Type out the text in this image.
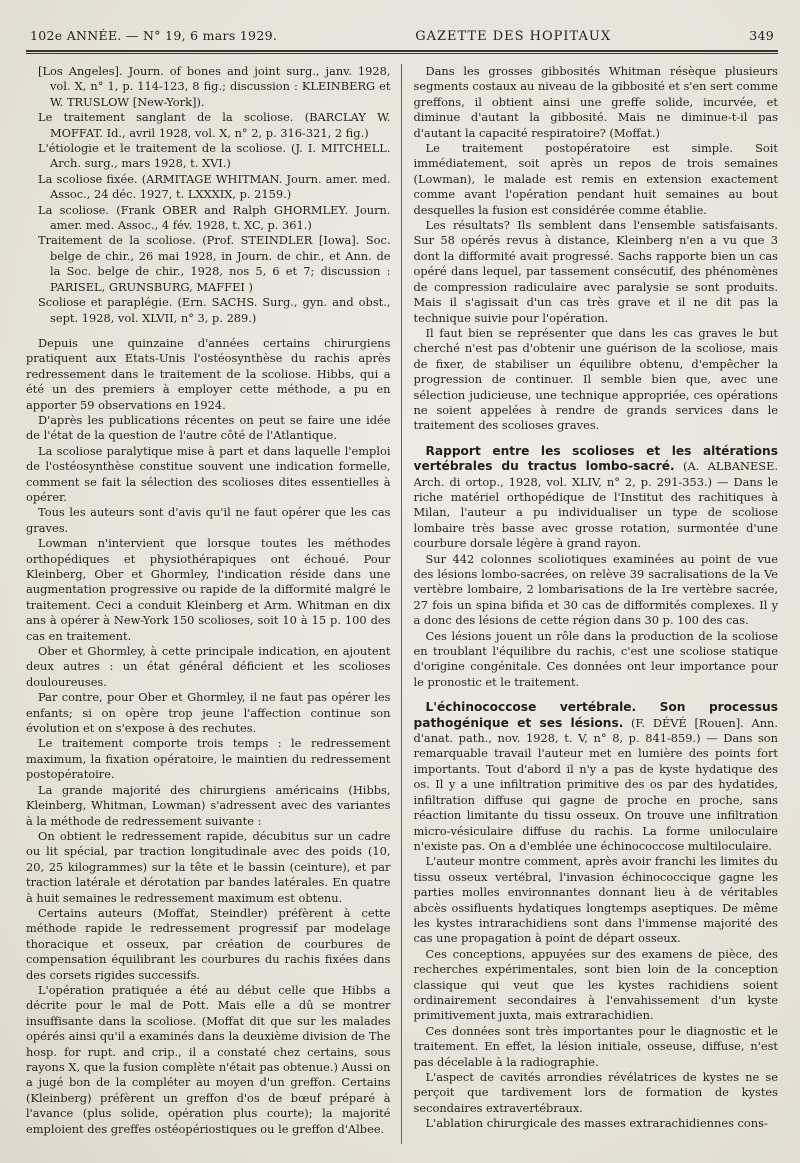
102e ANNÉE. — N° 19, 6 mars 1929.	GAZETTE DES HOPITAUX	349

[Los Angeles]. Journ. of bones and joint surg., janv. 1928, vol. X, n° 1, p. 114-123, 8 fig.; discussion : KLEINBERG et W. TRUSLOW [New-York]).

Le traitement sanglant de la scoliose. (BARCLAY W. MOFFAT. Id., avril 1928, vol. X, n° 2, p. 316-321, 2 fig.)

L'étiologie et le traitement de la scoliose. (J. I. MITCHELL. Arch. surg., mars 1928, t. XVI.)

La scoliose fixée. (ARMITAGE WHITMAN. Journ. amer. med. Assoc., 24 déc. 1927, t. LXXXIX, p. 2159.)

La scoliose. (Frank OBER and Ralph GHORMLEY. Journ. amer. med. Assoc., 4 fév. 1928, t. XC, p. 361.)

Traitement de la scoliose. (Prof. STEINDLER [Iowa]. Soc. belge de chir., 26 mai 1928, in Journ. de chir., et Ann. de la Soc. belge de chir., 1928, nos 5, 6 et 7; discussion : PARISEL, GRUNSBURG, MAFFEI )

Scoliose et paraplégie. (Ern. SACHS. Surg., gyn. and obst., sept. 1928, vol. XLVII, n° 3, p. 289.)

Depuis une quinzaine d'années certains chirurgiens pratiquent aux Etats-Unis l'ostéosynthèse du rachis après redressement dans le traitement de la scoliose. Hibbs, qui a été un des premiers à employer cette méthode, a pu en apporter 59 observations en 1924.

D'après les publications récentes on peut se faire une idée de l'état de la question de l'autre côté de l'Atlantique.

La scoliose paralytique mise à part et dans laquelle l'emploi de l'ostéosynthèse constitue souvent une indication formelle, comment se fait la sélection des scolioses dites essentielles à opérer.

Tous les auteurs sont d'avis qu'il ne faut opérer que les cas graves.

Lowman n'intervient que lorsque toutes les méthodes orthopédiques et physiothérapiques ont échoué. Pour Kleinberg, Ober et Ghormley, l'indication réside dans une augmentation progressive ou rapide de la difformité malgré le traitement. Ceci a conduit Kleinberg et Arm. Whitman en dix ans à opérer à New-York 150 scolioses, soit 10 à 15 p. 100 des cas en traitement.

Ober et Ghormley, à cette principale indication, en ajoutent deux autres : un état général déficient et les scolioses douloureuses.

Par contre, pour Ober et Ghormley, il ne faut pas opérer les enfants; si on opère trop jeune l'affection continue son évolution et on s'expose à des rechutes.

Le traitement comporte trois temps : le redressement maximum, la fixation opératoire, le maintien du redressement postopératoire.

La grande majorité des chirurgiens américains (Hibbs, Kleinberg, Whitman, Lowman) s'adressent avec des variantes à la méthode de redressement suivante :

On obtient le redressement rapide, décubitus sur un cadre ou lit spécial, par traction longitudinale avec des poids (10, 20, 25 kilogrammes) sur la tête et le bassin (ceinture), et par traction latérale et dérotation par bandes latérales. En quatre à huit semaines le redressement maximum est obtenu.

Certains auteurs (Moffat, Steindler) préfèrent à cette méthode rapide le redressement progressif par modelage thoracique et osseux, par création de courbures de compensation équilibrant les courbures du rachis fixées dans des corsets rigides successifs.

L'opération pratiquée a été au début celle que Hibbs a décrite pour le mal de Pott. Mais elle a dû se montrer insuffisante dans la scoliose. (Moffat dit que sur les malades opérés ainsi qu'il a examinés dans la deuxième division de The hosp. for rupt. and crip., il a constaté chez certains, sous rayons X, que la fusion complète n'était pas obtenue.) Aussi on a jugé bon de la compléter au moyen d'un greffon. Certains (Kleinberg) préfèrent un greffon d'os de bœuf préparé à l'avance (plus solide, opération plus courte); la majorité emploient des greffes ostéopériostiques ou le greffon d'Albee.

Dans les grosses gibbosités Whitman résèque plusieurs segments costaux au niveau de la gibbosité et s'en sert comme greffons, il obtient ainsi une greffe solide, incurvée, et diminue d'autant la gibbosité. Mais ne diminue-t-il pas d'autant la capacité respiratoire? (Moffat.)

Le traitement postopératoire est simple. Soit immédiatement, soit après un repos de trois semaines (Lowman), le malade est remis en extension exactement comme avant l'opération pendant huit semaines au bout desquelles la fusion est considérée comme établie.

Les résultats? Ils semblent dans l'ensemble satisfaisants. Sur 58 opérés revus à distance, Kleinberg n'en a vu que 3 dont la difformité avait progressé. Sachs rapporte bien un cas opéré dans lequel, par tassement consécutif, des phénomènes de compression radiculaire avec paralysie se sont produits. Mais il s'agissait d'un cas très grave et il ne dit pas la technique suivie pour l'opération.

Il faut bien se représenter que dans les cas graves le but cherché n'est pas d'obtenir une guérison de la scoliose, mais de fixer, de stabiliser un équilibre obtenu, d'empêcher la progression de continuer. Il semble bien que, avec une sélection judicieuse, une technique appropriée, ces opérations ne soient appelées à rendre de grands services dans le traitement des scolioses graves.

Rapport entre les scolioses et les altérations vertébrales du tractus lombo-sacré. (A. ALBANESE. Arch. di ortop., 1928, vol. XLIV, n° 2, p. 291-353.) — Dans le riche matériel orthopédique de l'Institut des rachitiques à Milan, l'auteur a pu individualiser un type de scoliose lombaire très basse avec grosse rotation, surmontée d'une courbure dorsale légère à grand rayon.

Sur 442 colonnes scoliotiques examinées au point de vue des lésions lombo-sacrées, on relève 39 sacralisations de la Ve vertèbre lombaire, 2 lombarisations de la Ire vertèbre sacrée, 27 fois un spina bifida et 30 cas de difformités complexes. Il y a donc des lésions de cette région dans 30 p. 100 des cas.

Ces lésions jouent un rôle dans la production de la scoliose en troublant l'équilibre du rachis, c'est une scoliose statique d'origine congénitale. Ces données ont leur importance pour le pronostic et le traitement.

L'échinococcose vertébrale. Son processus pathogénique et ses lésions. (F. DÉVÉ [Rouen]. Ann. d'anat. path., nov. 1928, t. V, n° 8, p. 841-859.) — Dans son remarquable travail l'auteur met en lumière des points fort importants. Tout d'abord il n'y a pas de kyste hydatique des os. Il y a une infiltration primitive des os par des hydatides, infiltration diffuse qui gagne de proche en proche, sans réaction limitante du tissu osseux. On trouve une infiltration micro-vésiculaire diffuse du rachis. La forme uniloculaire n'existe pas. On a d'emblée une échinococcose multiloculaire.

L'auteur montre comment, après avoir franchi les limites du tissu osseux vertébral, l'invasion échinococcique gagne les parties molles environnantes donnant lieu à de véritables abcès ossifluents hydatiques longtemps aseptiques. De même les kystes intrarachidiens sont dans l'immense majorité des cas une propagation à point de départ osseux.

Ces conceptions, appuyées sur des examens de pièce, des recherches expérimentales, sont bien loin de la conception classique qui veut que les kystes rachidiens soient ordinairement secondaires à l'envahissement d'un kyste primitivement juxta, mais extrarachidien.

Ces données sont très importantes pour le diagnostic et le traitement. En effet, la lésion initiale, osseuse, diffuse, n'est pas décelable à la radiographie.

L'aspect de cavités arrondies révélatrices de kystes ne se perçoit que tardivement lors de formation de kystes secondaires extravertébraux.

L'ablation chirurgicale des masses extrarachidiennes cons-
